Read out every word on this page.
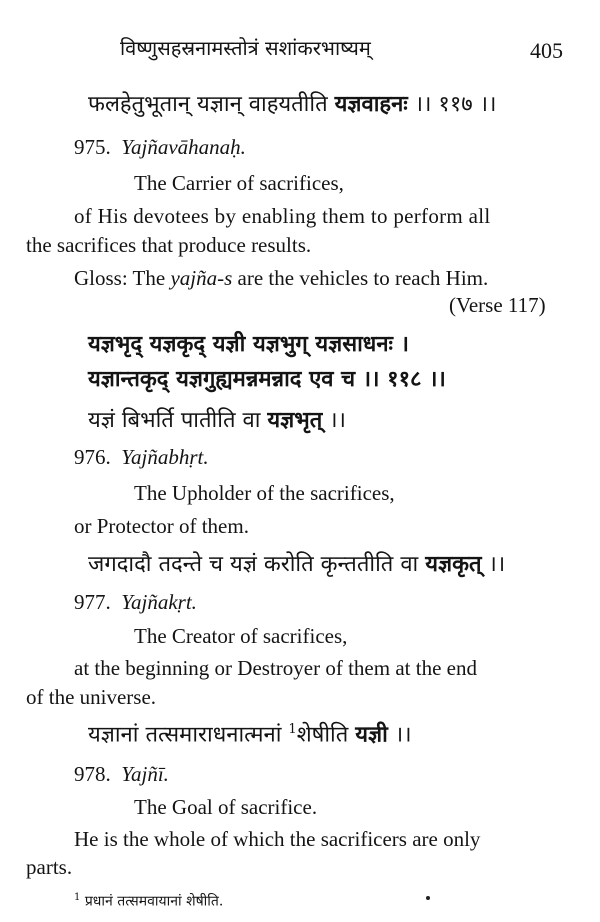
विष्णुसहस्रनामस्तोत्रं सशांकरभाष्यम्	405
फलहेतुभूतान् यज्ञान् वाहयतीति यज्ञवाहनः ।। ११७ ।।
975. Yajñavāhanaḥ.
The Carrier of sacrifices,
of His devotees by enabling them to perform all
the sacrifices that produce results.
Gloss: The yajña-s are the vehicles to reach Him.
(Verse 117)
यज्ञभृद् यज्ञकृद् यज्ञी यज्ञभुग् यज्ञसाधनः ।
यज्ञान्तकृद् यज्ञगुह्यमन्नमन्नाद एव च ।। ११८ ।।
यज्ञं बिभर्ति पातीति वा यज्ञभृत् ।।
976. Yajñabhṛt.
The Upholder of the sacrifices,
or Protector of them.
जगदादौ तदन्ते च यज्ञं करोति कृन्ततीति वा यज्ञकृत् ।।
977. Yajñakṛt.
The Creator of sacrifices,
at the beginning or Destroyer of them at the end
of the universe.
यज्ञानां तत्समाराधनात्मनां $^1$शेषीति यज्ञी ।।
978. Yajñī.
The Goal of sacrifice.
He is the whole of which the sacrificers are only
parts.
$^1$ प्रधानं तत्समवायानां शेषीति.
